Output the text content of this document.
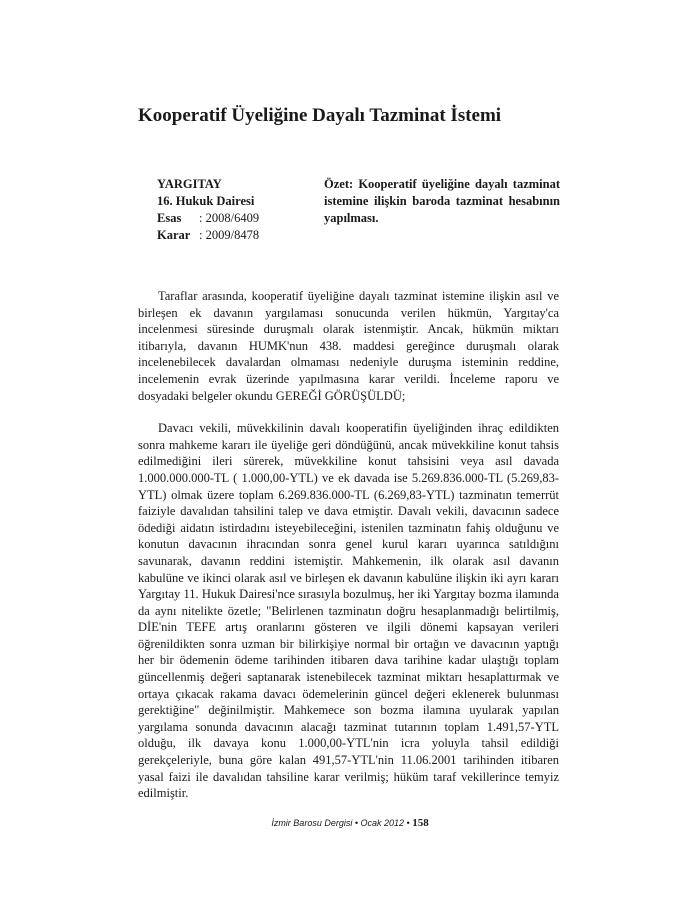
Kooperatif Üyeliğine Dayalı Tazminat İstemi
YARGITAY
16. Hukuk Dairesi
Esas	: 2008/6409
Karar : 2009/8478
Özet: Kooperatif üyeliğine dayalı tazminat istemine ilişkin baroda tazminat hesabının yapılması.

Taraflar arasında, kooperatif üyeliğine dayalı tazminat istemine ilişkin asıl ve birleşen ek davanın yargılaması sonucunda verilen hükmün, Yargıtay'ca incelenmesi süresinde duruşmalı olarak istenmiştir. Ancak, hükmün miktarı itibarıyla, davanın HUMK'nun 438. maddesi gereğince duruşmalı olarak incelenebilecek davalardan olmaması nedeniyle duruşma isteminin reddine, incelemenin evrak üzerinde yapılmasına karar verildi. İnceleme raporu ve dosyadaki belgeler okundu GEREĞİ GÖRÜŞÜLDÜ;

Davacı vekili, müvekkilinin davalı kooperatifin üyeliğinden ihraç edildikten sonra mahkeme kararı ile üyeliğe geri döndüğünü, ancak müvekkiline konut tahsis edilmediğini ileri sürerek, müvekkiline konut tahsisini veya asıl davada 1.000.000.000-TL ( 1.000,00-YTL) ve ek davada ise 5.269.836.000-TL (5.269,83-YTL) olmak üzere toplam 6.269.836.000-TL (6.269,83-YTL) tazminatın temerrüt faiziyle davalıdan tahsilini talep ve dava etmiştir. Davalı vekili, davacının sadece ödediği aidatın istirdadını isteyebileceğini, istenilen tazminatın fahiş olduğunu ve konutun davacının ihracından sonra genel kurul kararı uyarınca satıldığını savunarak, davanın reddini istemiştir. Mahkemenin, ilk olarak asıl davanın kabulüne ve ikinci olarak asıl ve birleşen ek davanın kabulüne ilişkin iki ayrı kararı Yargıtay 11. Hukuk Dairesi'nce sırasıyla bozulmuş, her iki Yargıtay bozma ilamında da aynı nitelikte özetle; "Belirlenen tazminatın doğru hesaplanmadığı belirtilmiş, DİE'nin TEFE artış oranlarını gösteren ve ilgili dönemi kapsayan verileri öğrenildikten sonra uzman bir bilirkişiye normal bir ortağın ve davacının yaptığı her bir ödemenin ödeme tarihinden itibaren dava tarihine kadar ulaştığı toplam güncellenmiş değeri saptanarak istenebilecek tazminat miktarı hesaplattırmak ve ortaya çıkacak rakama davacı ödemelerinin güncel değeri eklenerek bulunması gerektiğine" değinilmiştir. Mahkemece son bozma ilamına uyularak yapılan yargılama sonunda davacının alacağı tazminat tutarının toplam 1.491,57-YTL olduğu, ilk davaya konu 1.000,00-YTL'nin icra yoluyla tahsil edildiği gerekçeleriyle, buna göre kalan 491,57-YTL'nin 11.06.2001 tarihinden itibaren yasal faizi ile davalıdan tahsiline karar verilmiş; hüküm taraf vekillerince temyiz edilmiştir.

İzmir Barosu Dergisi • Ocak 2012 • 158
